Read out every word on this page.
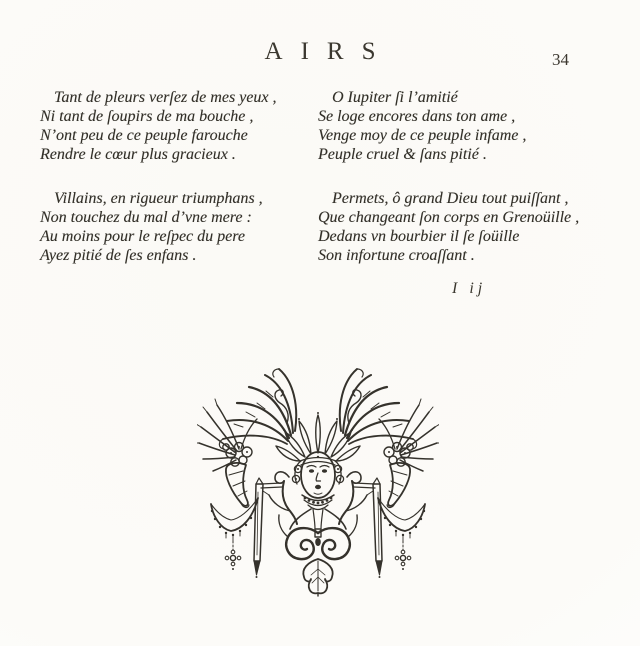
AIRS	34
Tant de pleurs verſez de mes yeux ,
Ni tant de ſoupirs de ma bouche ,
N’ont peu de ce peuple farouche
Rendre le cœur plus gracieux .
Villains, en rigueur triumphans ,
Non touchez du mal d’vne mere :
Au moins pour le reſpec du pere
Ayez pitié de ſes enfans .
O Iupiter ſi l’amitié
Se loge encores dans ton ame ,
Venge moy de ce peuple infame ,
Peuple cruel & ſans pitié .
Permets, ô grand Dieu tout puiſſant ,
Que changeant ſon corps en Grenoüille ,
Dedans vn bourbier il ſe ſoüille
Son infortune croaſſant .
I ij
